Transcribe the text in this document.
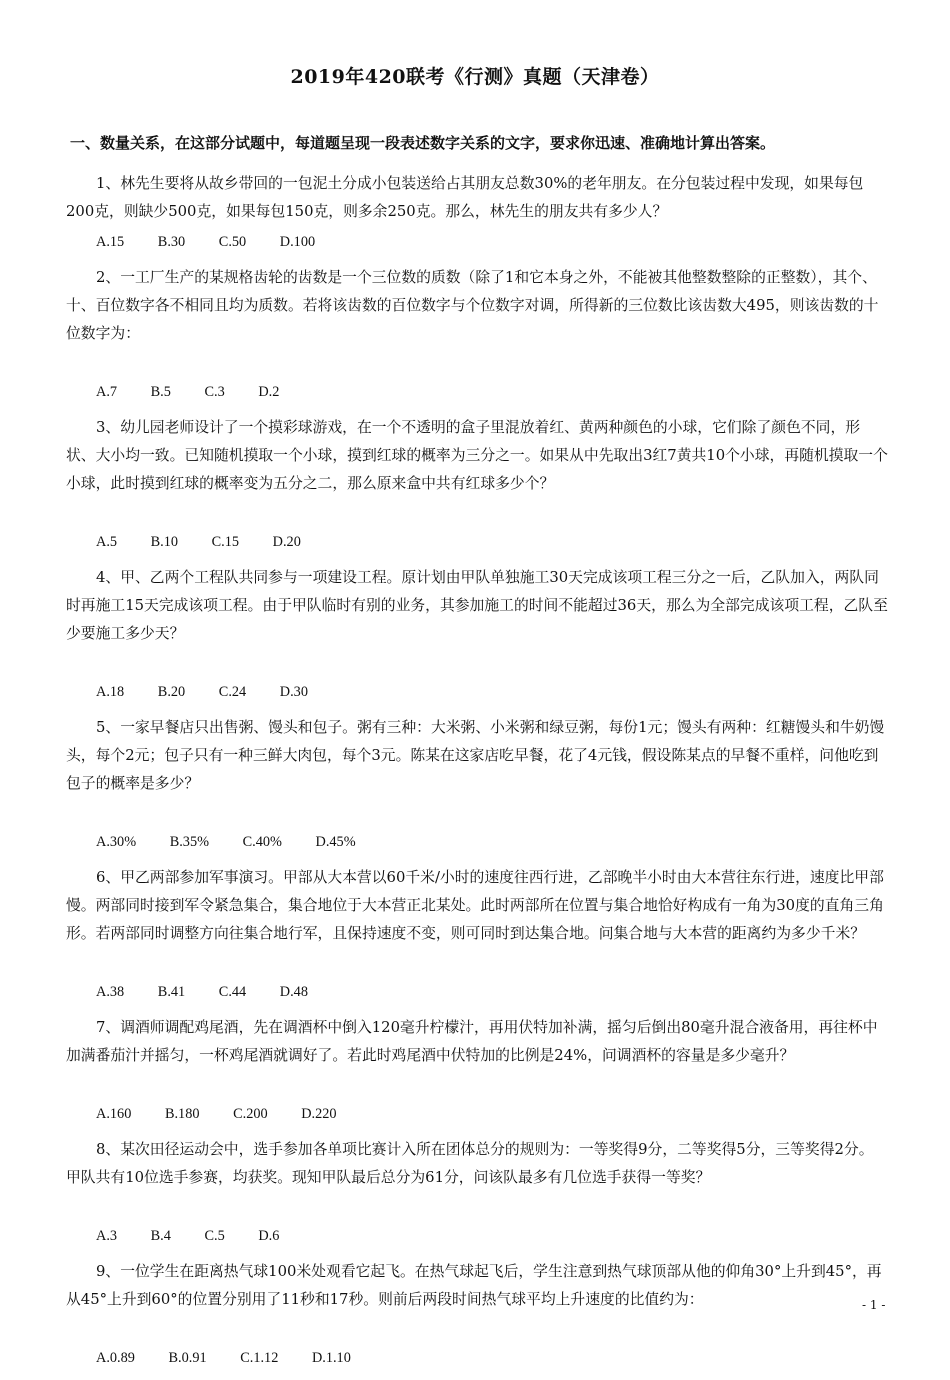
2019年420联考《行测》真题（天津卷）
一、数量关系，在这部分试题中，每道题呈现一段表述数字关系的文字，要求你迅速、准确地计算出答案。

1、林先生要将从故乡带回的一包泥土分成小包装送给占其朋友总数30%的老年朋友。在分包装过程中发现，如果每包200克，则缺少500克，如果每包150克，则多余250克。那么，林先生的朋友共有多少人？

A.15 B.30 C.50 D.100

2、一工厂生产的某规格齿轮的齿数是一个三位数的质数（除了1和它本身之外，不能被其他整数整除的正整数），其个、十、百位数字各不相同且均为质数。若将该齿数的百位数字与个位数字对调，所得新的三位数比该齿数大495，则该齿数的十位数字为：

A.7 B.5 C.3 D.2

3、幼儿园老师设计了一个摸彩球游戏，在一个不透明的盒子里混放着红、黄两种颜色的小球，它们除了颜色不同，形状、大小均一致。已知随机摸取一个小球，摸到红球的概率为三分之一。如果从中先取出3红7黄共10个小球，再随机摸取一个小球，此时摸到红球的概率变为五分之二，那么原来盒中共有红球多少个？

A.5 B.10 C.15 D.20

4、甲、乙两个工程队共同参与一项建设工程。原计划由甲队单独施工30天完成该项工程三分之一后，乙队加入，两队同时再施工15天完成该项工程。由于甲队临时有别的业务，其参加施工的时间不能超过36天，那么为全部完成该项工程，乙队至少要施工多少天？

A.18 B.20 C.24 D.30

5、一家早餐店只出售粥、馒头和包子。粥有三种：大米粥、小米粥和绿豆粥，每份1元；馒头有两种：红糖馒头和牛奶馒头，每个2元；包子只有一种三鲜大肉包，每个3元。陈某在这家店吃早餐，花了4元钱，假设陈某点的早餐不重样，问他吃到包子的概率是多少？

A.30% B.35% C.40% D.45%

6、甲乙两部参加军事演习。甲部从大本营以60千米/小时的速度往西行进，乙部晚半小时由大本营往东行进，速度比甲部慢。两部同时接到军令紧急集合，集合地位于大本营正北某处。此时两部所在位置与集合地恰好构成有一角为30度的直角三角形。若两部同时调整方向往集合地行军，且保持速度不变，则可同时到达集合地。问集合地与大本营的距离约为多少千米？

A.38 B.41 C.44 D.48

7、调酒师调配鸡尾酒，先在调酒杯中倒入120毫升柠檬汁，再用伏特加补满，摇匀后倒出80毫升混合液备用，再往杯中加满番茄汁并摇匀，一杯鸡尾酒就调好了。若此时鸡尾酒中伏特加的比例是24%，问调酒杯的容量是多少毫升？

A.160 B.180 C.200 D.220

8、某次田径运动会中，选手参加各单项比赛计入所在团体总分的规则为：一等奖得9分，二等奖得5分，三等奖得2分。甲队共有10位选手参赛，均获奖。现知甲队最后总分为61分，问该队最多有几位选手获得一等奖？

A.3 B.4 C.5 D.6

9、一位学生在距离热气球100米处观看它起飞。在热气球起飞后，学生注意到热气球顶部从他的仰角30°上升到45°，再从45°上升到60°的位置分别用了11秒和17秒。则前后两段时间热气球平均上升速度的比值约为：

A.0.89 B.0.91 C.1.12 D.1.10
- 1 -
